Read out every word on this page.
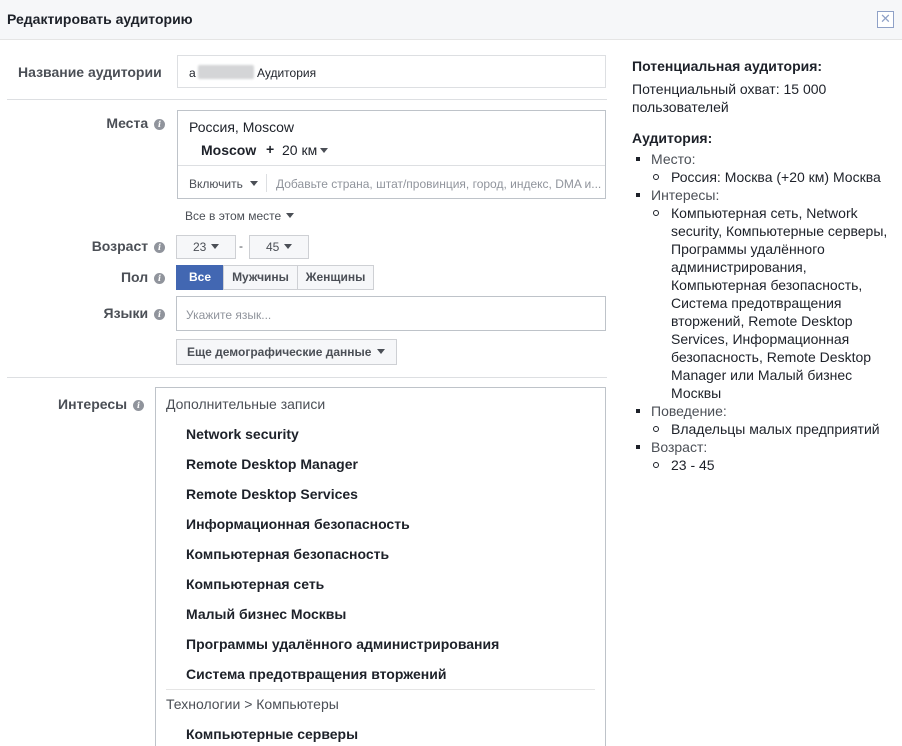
Редактировать аудиторию	✕
Название аудитории a	Аудитория
Места i Россия, Moscow
Moscow + 20 км
Включить	Добавьте страна, штат/провинция, город, индекс, DMA и...
Все в этом месте
Возраст i	23	-	45
Пол i	Все	Мужчины	Женщины
Языки i	Укажите язык...
Еще демографические данные
Интересы i Дополнительные записи
Network security
Remote Desktop Manager
Remote Desktop Services
Информационная безопасность
Компьютерная безопасность
Компьютерная сеть
Малый бизнес Москвы
Программы удалённого администрирования
Система предотвращения вторжений
Технологии > Компьютеры
Компьютерные серверы
Потенциальная аудитория:
Потенциальный охват: 15 000 пользователей
Аудитория:
Место:
Россия: Москва (+20 км) Москва
Интересы:
Компьютерная сеть, Network security, Компьютерные серверы, Программы удалённого администрирования, Компьютерная безопасность, Система предотвращения вторжений, Remote Desktop Services, Информационная безопасность, Remote Desktop Manager или Малый бизнес Москвы
Поведение:
Владельцы малых предприятий
Возраст:
23 - 45
